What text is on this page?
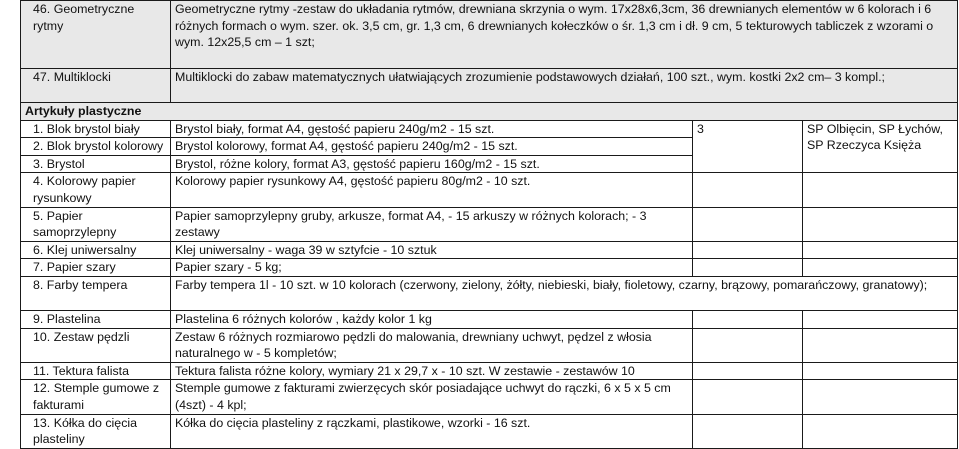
46. Geometryczne rytmy	Geometryczne rytmy -zestaw do układania rytmów, drewniana skrzynia o wym. 17x28x6,3cm, 36 drewnianych elementów w 6 kolorach i 6 różnych formach o wym. szer. ok. 3,5 cm, gr. 1,3 cm, 6 drewnianych kołeczków o śr. 1,3 cm i dł. 9 cm, 5 tekturowych tabliczek z wzorami o wym. 12x25,5 cm – 1 szt;		
47. Multiklocki	Multiklocki do zabaw matematycznych ułatwiających zrozumienie podstawowych działań, 100 szt., wym. kostki 2x2 cm– 3 kompl.;		
Artykuły plastyczne			
1. Blok brystol biały	Brystol biały, format A4, gęstość papieru 240g/m2 - 15 szt.	3	SP Olbięcin, SP Łychów, SP Rzeczyca Księża
2. Blok brystol kolorowy	Brystol kolorowy, format A4, gęstość papieru 240g/m2 - 15 szt.		
3. Brystol	Brystol, różne kolory, format A3, gęstość papieru 160g/m2 - 15 szt.		
4. Kolorowy papier rysunkowy	Kolorowy papier rysunkowy A4, gęstość papieru 80g/m2 - 10 szt.		
5. Papier samoprzylepny	Papier samoprzylepny gruby, arkusze, format A4, - 15 arkuszy w różnych kolorach; - 3 zestawy		
6. Klej uniwersalny	Klej uniwersalny - waga 39 w sztyfcie - 10 sztuk		
7. Papier szary	Papier szary - 5 kg;		
8. Farby tempera	Farby tempera 1l - 10 szt. w 10 kolorach (czerwony, zielony, żółty, niebieski, biały, fioletowy, czarny, brązowy, pomarańczowy, granatowy);		
9. Plastelina	Plastelina 6 różnych kolorów , każdy kolor 1 kg		
10. Zestaw pędzli	Zestaw 6 różnych rozmiarowo pędzli do malowania, drewniany uchwyt, pędzel z włosia naturalnego w - 5 kompletów;		
11. Tektura falista	Tektura falista różne kolory, wymiary 21 x 29,7 x - 10 szt. W zestawie - zestawów 10		
12. Stemple gumowe z fakturami	Stemple gumowe z fakturami zwierzęcych skór posiadające uchwyt do rączki, 6 x 5 x 5 cm (4szt) - 4 kpl;		
13. Kółka do cięcia plasteliny	Kółka do cięcia plasteliny z rączkami, plastikowe, wzorki - 16 szt.		
